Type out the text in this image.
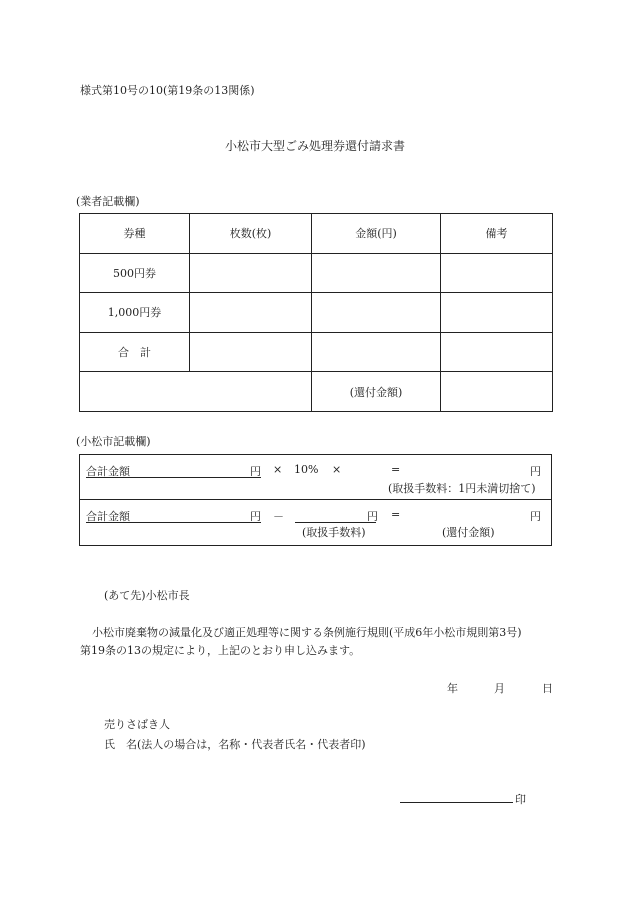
様式第10号の10(第19条の13関係)
小松市大型ごみ処理券還付請求書
(業者記載欄)
券種	枚数(枚)	金額(円)	備考
500円券			
1,000円券			
合　計			
		(還付金額)	
(小松市記載欄)
合計金額	円 × 10% ×	=	円
(取扱手数料：1円未満切捨て)
合計金額	円 －	円 =	円
(取扱手数料)	(還付金額)
(あて先)小松市長
小松市廃棄物の減量化及び適正処理等に関する条例施行規則(平成6年小松市規則第3号)
第19条の13の規定により，上記のとおり申し込みます。
年	月	日
売りさばき人
氏　名(法人の場合は，名称・代表者氏名・代表者印)
印
